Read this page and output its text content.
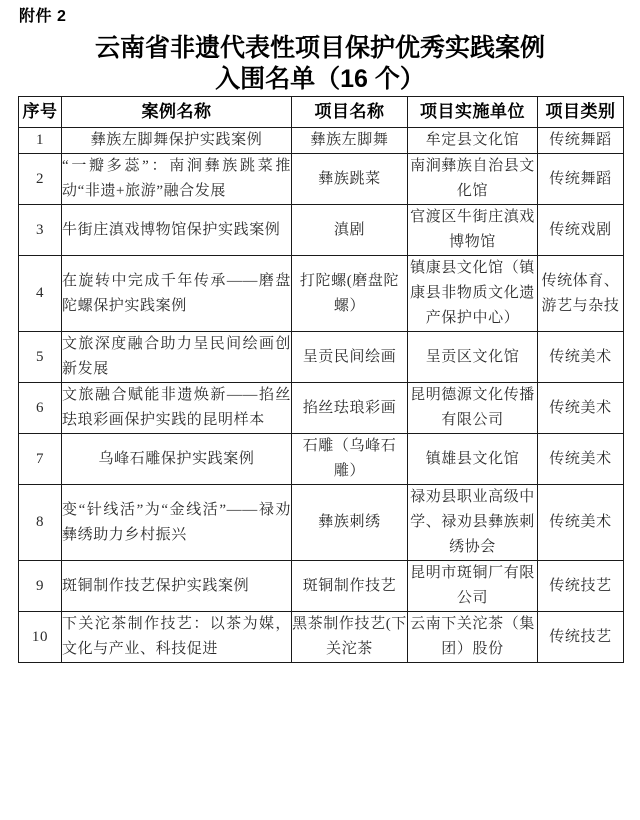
附件 2
云南省非遗代表性项目保护优秀实践案例
入围名单（16 个）
序号	案例名称	项目名称	项目实施单位	项目类别
1	彝族左脚舞保护实践案例	彝族左脚舞	牟定县文化馆	传统舞蹈
2	“一瓣多蕊”：南涧彝族跳菜推动“非遗+旅游”融合发展	彝族跳菜	南涧彝族自治县文化馆	传统舞蹈
3	牛街庄滇戏博物馆保护实践案例	滇剧	官渡区牛街庄滇戏博物馆	传统戏剧
4	在旋转中完成千年传承——磨盘陀螺保护实践案例	打陀螺(磨盘陀螺）	镇康县文化馆（镇康县非物质文化遗产保护中心）	传统体育、游艺与杂技
5	文旅深度融合助力呈民间绘画创新发展	呈贡民间绘画	呈贡区文化馆	传统美术
6	文旅融合赋能非遗焕新——掐丝珐琅彩画保护实践的昆明样本	掐丝珐琅彩画	昆明德源文化传播有限公司	传统美术
7	乌峰石雕保护实践案例	石雕（乌峰石雕）	镇雄县文化馆	传统美术
8	变“针线活”为“金线活”——禄劝彝绣助力乡村振兴	彝族刺绣	禄劝县职业高级中学、禄劝县彝族刺绣协会	传统美术
9	斑铜制作技艺保护实践案例	斑铜制作技艺	昆明市斑铜厂有限公司	传统技艺
10	下关沱茶制作技艺：以茶为媒，文化与产业、科技促进	黑茶制作技艺(下关沱茶	云南下关沱茶（集团）股份	传统技艺
